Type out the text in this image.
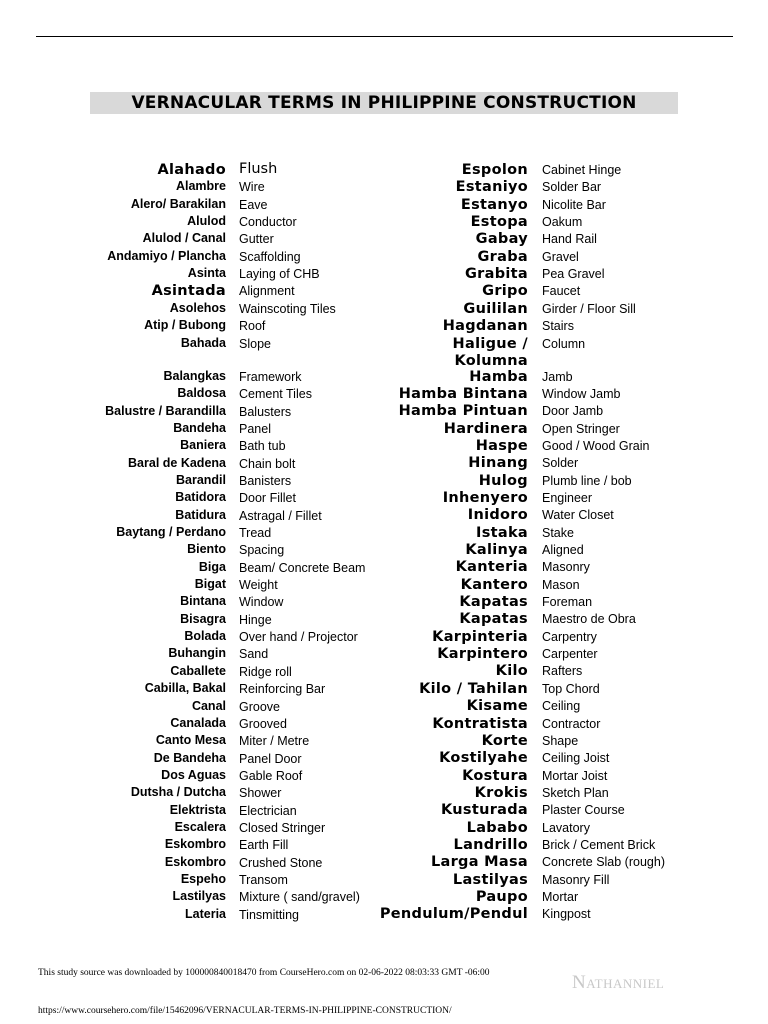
VERNACULAR TERMS IN PHILIPPINE CONSTRUCTION
Alahado Flush
Alambre Wire
Alero/ Barakilan Eave
Alulod Conductor
Alulod / Canal Gutter
Andamiyo / Plancha Scaffolding
Asinta Laying of CHB
Asintada Alignment
Asolehos Wainscoting Tiles
Atip / Bubong Roof
Bahada Slope
Balangkas Framework
Baldosa Cement Tiles
Balustre / Barandilla Balusters
Bandeha Panel
Baniera Bath tub
Baral de Kadena Chain bolt
Barandil Banisters
Batidora Door Fillet
Batidura Astragal / Fillet
Baytang / Perdano Tread
Biento Spacing
Biga Beam/ Concrete Beam
Bigat Weight
Bintana Window
Bisagra Hinge
Bolada Over hand / Projector
Buhangin Sand
Caballete Ridge roll
Cabilla, Bakal Reinforcing Bar
Canal Groove
Canalada Grooved
Canto Mesa Miter / Metre
De Bandeha Panel Door
Dos Aguas Gable Roof
Dutsha / Dutcha Shower
Elektrista Electrician
Escalera Closed Stringer
Eskombro Earth Fill
Eskombro Crushed Stone
Espeho Transom
Lastilyas Mixture ( sand/gravel)
Lateria Tinsmitting
Espolon Cabinet Hinge
Estaniyo Solder Bar
Estanyo Nicolite Bar
Estopa Oakum
Gabay Hand Rail
Graba Gravel
Grabita Pea Gravel
Gripo Faucet
Guililan Girder / Floor Sill
Hagdanan Stairs
Haligue /
Kolumna
Column
Hamba Jamb
Hamba Bintana Window Jamb
Hamba Pintuan Door Jamb
Hardinera Open Stringer
Haspe Good / Wood Grain
Hinang Solder
Hulog Plumb line / bob
Inhenyero Engineer
Inidoro Water Closet
Istaka Stake
Kalinya Aligned
Kanteria Masonry
Kantero Mason
Kapatas Foreman
Kapatas Maestro de Obra
Karpinteria Carpentry
Karpintero Carpenter
Kilo Rafters
Kilo / Tahilan Top Chord
Kisame Ceiling
Kontratista Contractor
Korte Shape
Kostilyahe Ceiling Joist
Kostura Mortar Joist
Krokis Sketch Plan
Kusturada Plaster Course
Lababo Lavatory
Landrillo Brick / Cement Brick
Larga Masa Concrete Slab (rough)
Lastilyas Masonry Fill
Paupo Mortar
Pendulum/Pendul Kingpost
This study source was downloaded by 100000840018470 from CourseHero.com on 02-06-2022 08:03:33 GMT -06:00	Nathanniel
https://www.coursehero.com/file/15462096/VERNACULAR-TERMS-IN-PHILIPPINE-CONSTRUCTION/
